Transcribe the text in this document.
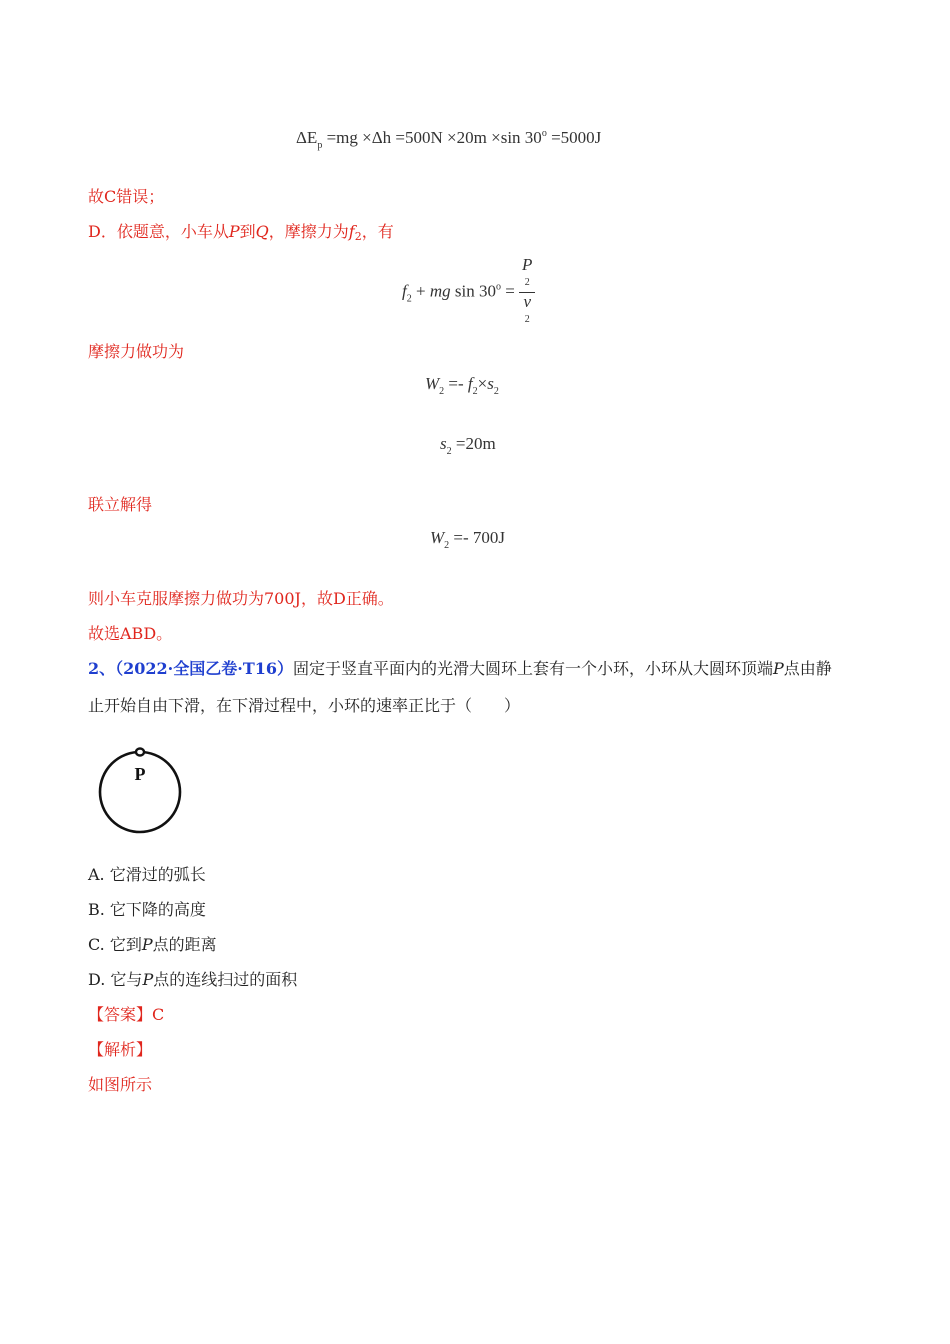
$\Delta E_p =mg \times\Delta h =500N \times 20m \times\sin$ $30^o =5000J$
故C错误；
D．依题意，小车从P到Q，摩擦力为f2，有
$f_2$ + mg $\sin 30^o = P$
2
v
2
摩擦力做功为
$W_2 =- f_2\times s_2$
$s_2 =20m$
联立解得
$W_2 =- 700J$
则小车克服摩擦力做功为700J，故D正确。
故选ABD。
2、（2022·全国乙卷·T16）固定于竖直平面内的光滑大圆环上套有一个小环，小环从大圆环顶端P点由静
止开始自由下滑，在下滑过程中，小环的速率正比于（　　）
P
A. 它滑过的弧长
B. 它下降的高度
C. 它到P点的距离
D. 它与P点的连线扫过的面积
【答案】C
【解析】
如图所示
